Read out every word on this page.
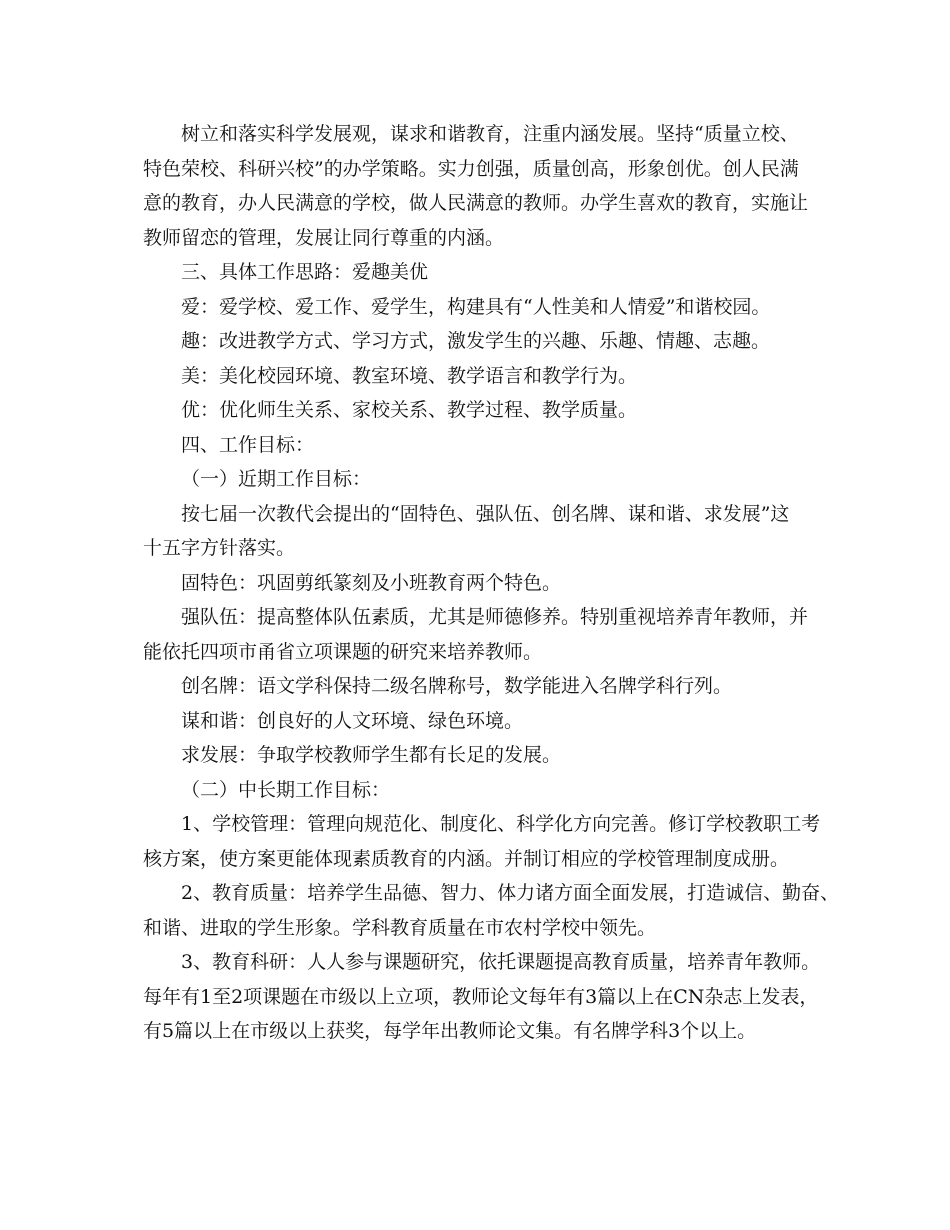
树立和落实科学发展观，谋求和谐教育，注重内涵发展。坚持“质量立校、
特色荣校、科研兴校”的办学策略。实力创强，质量创高，形象创优。创人民满
意的教育，办人民满意的学校，做人民满意的教师。办学生喜欢的教育，实施让
教师留恋的管理，发展让同行尊重的内涵。
三、具体工作思路：爱趣美优
爱：爱学校、爱工作、爱学生，构建具有“人性美和人情爱”和谐校园。
趣：改进教学方式、学习方式，激发学生的兴趣、乐趣、情趣、志趣。
美：美化校园环境、教室环境、教学语言和教学行为。
优：优化师生关系、家校关系、教学过程、教学质量。
四、工作目标：
（一）近期工作目标：
按七届一次教代会提出的“固特色、强队伍、创名牌、谋和谐、求发展”这
十五字方针落实。
固特色：巩固剪纸篆刻及小班教育两个特色。
强队伍：提高整体队伍素质，尤其是师德修养。特别重视培养青年教师，并
能依托四项市甬省立项课题的研究来培养教师。
创名牌：语文学科保持二级名牌称号，数学能进入名牌学科行列。
谋和谐：创良好的人文环境、绿色环境。
求发展：争取学校教师学生都有长足的发展。
（二）中长期工作目标：
1、学校管理：管理向规范化、制度化、科学化方向完善。修订学校教职工考
核方案，使方案更能体现素质教育的内涵。并制订相应的学校管理制度成册。
2、教育质量：培养学生品德、智力、体力诸方面全面发展，打造诚信、勤奋、
和谐、进取的学生形象。学科教育质量在市农村学校中领先。
3、教育科研：人人参与课题研究，依托课题提高教育质量，培养青年教师。
每年有1至2项课题在市级以上立项，教师论文每年有3篇以上在CN杂志上发表，
有5篇以上在市级以上获奖，每学年出教师论文集。有名牌学科3个以上。
